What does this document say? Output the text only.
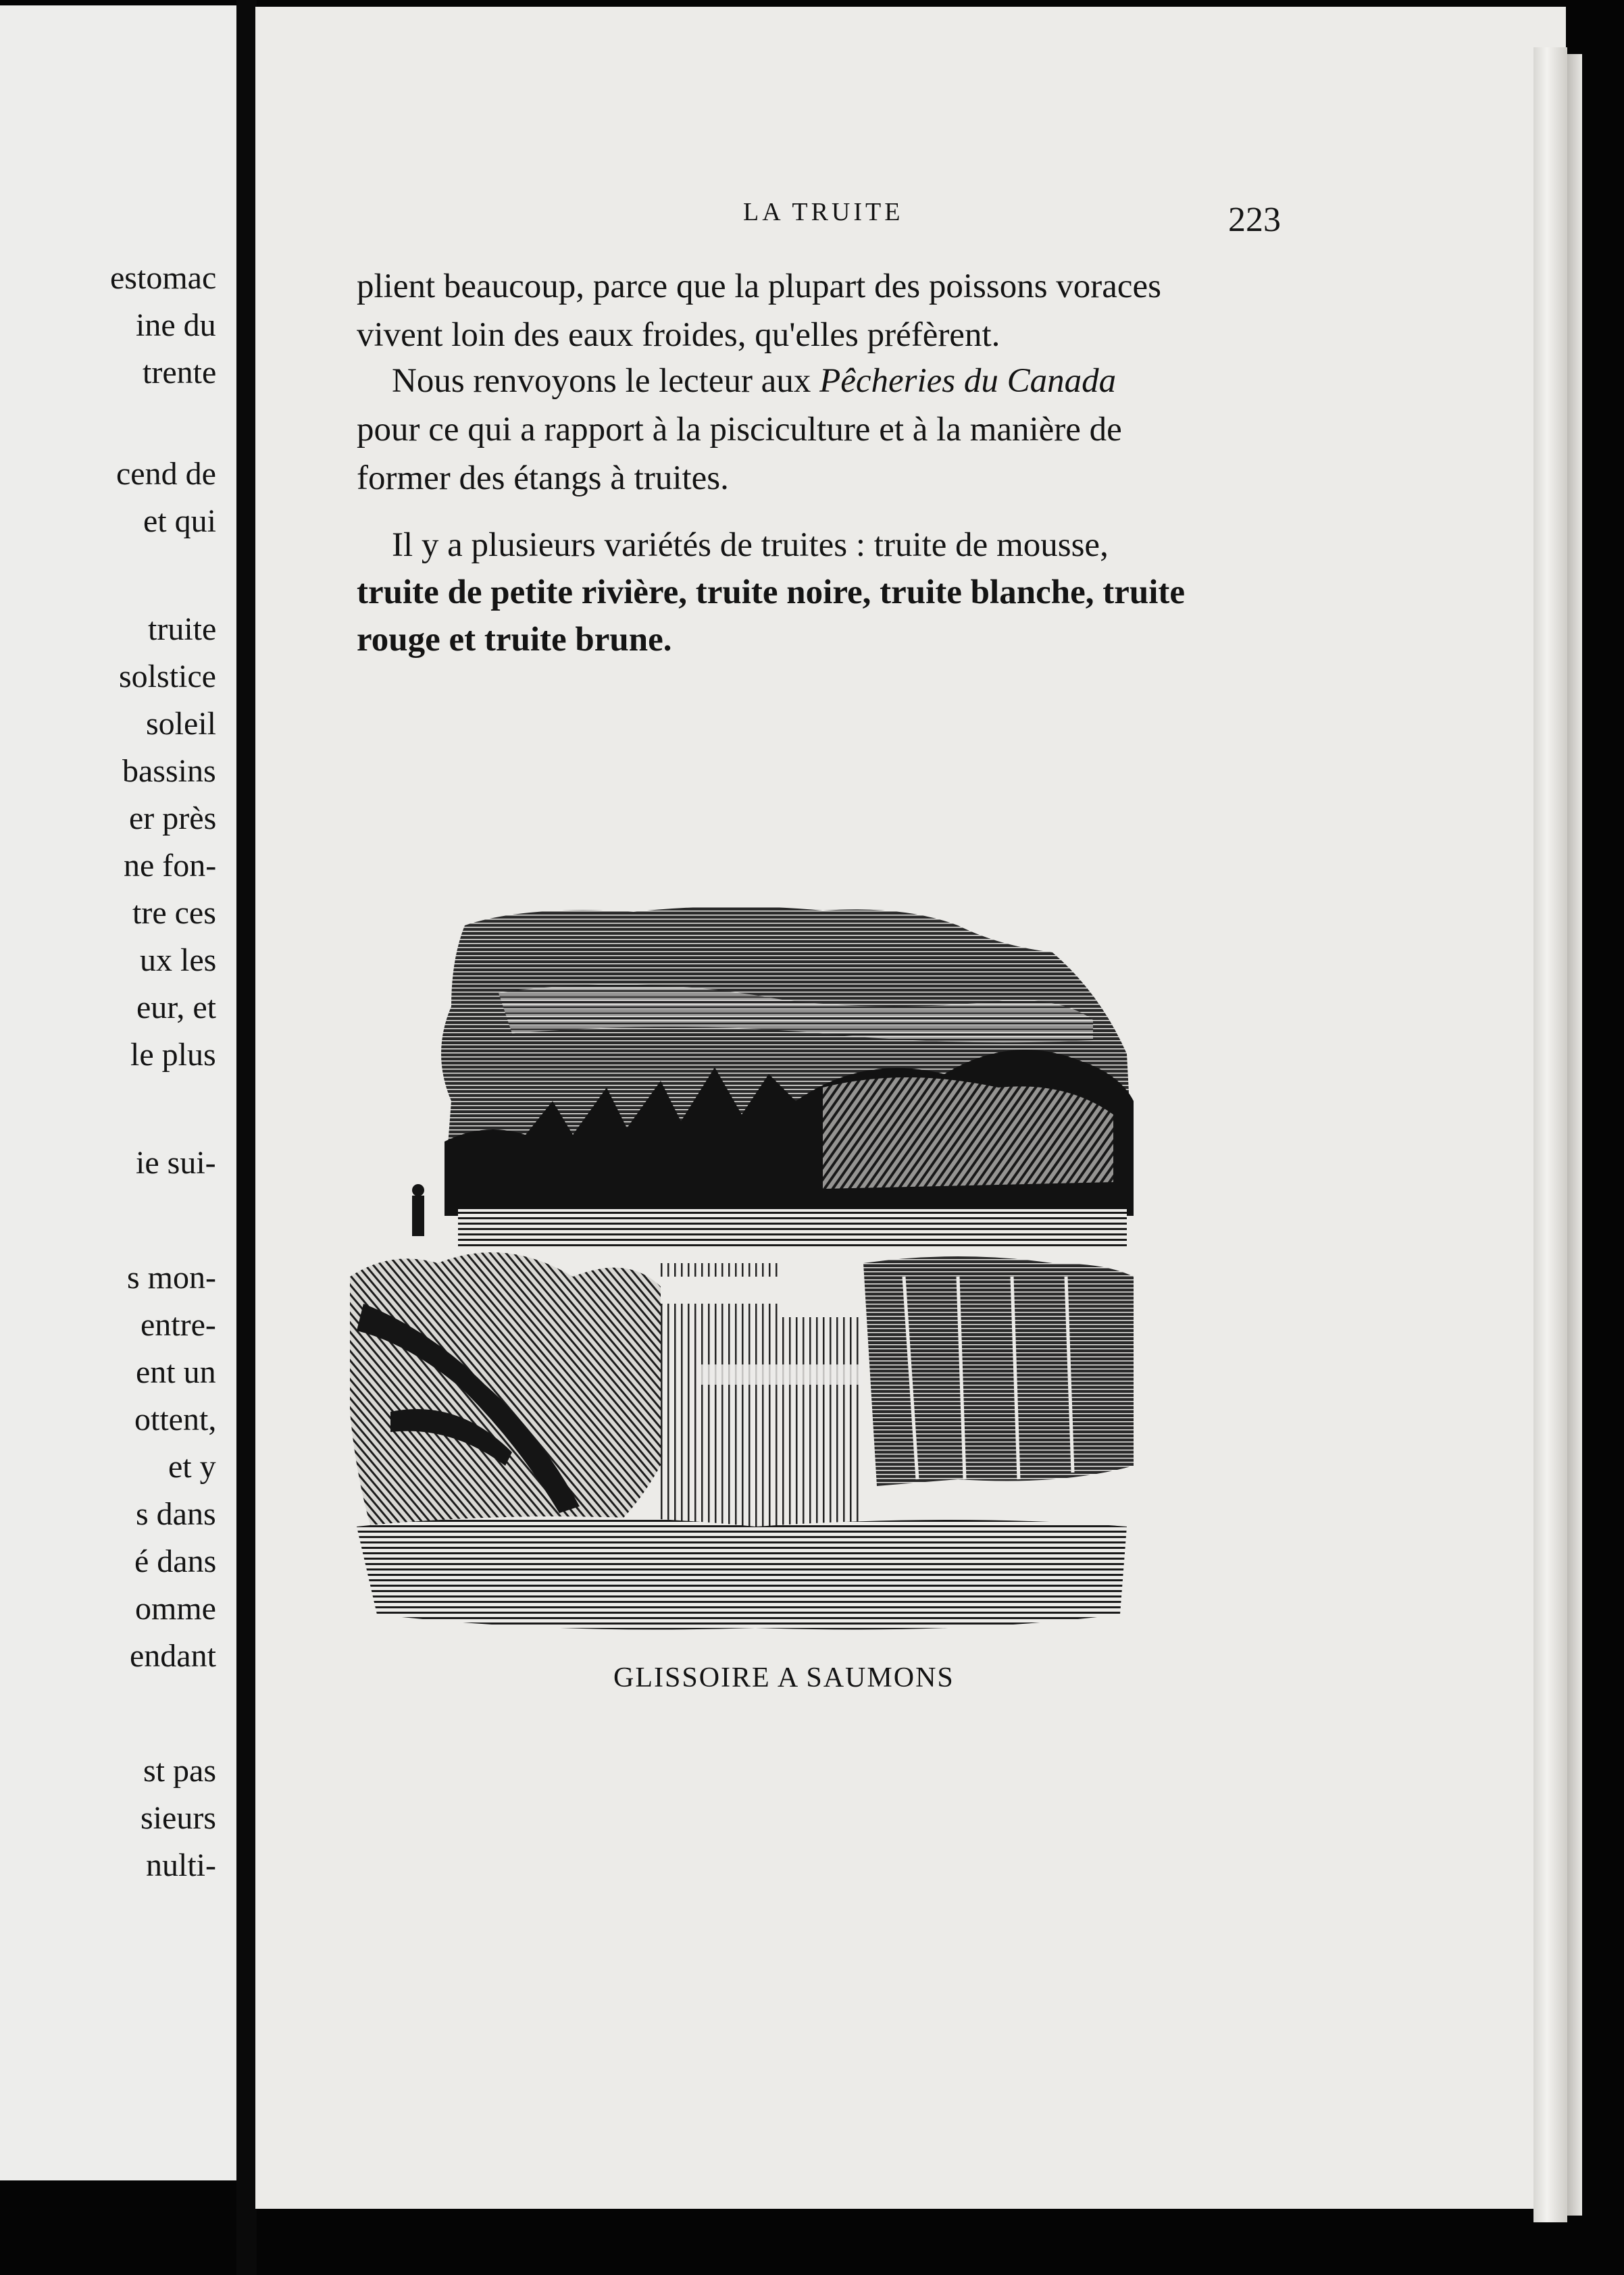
estomac
ine du
trente
cend de
et qui
truite
solstice
soleil
bassins
er près
ne fon-
tre ces
ux les
eur, et
le plus
ie sui-
s mon-
entre-
ent un
ottent,
et y
s dans
é dans
omme
endant
st pas
sieurs
nulti-
LA TRUITE	223
plient beaucoup, parce que la plupart des poissons voraces
vivent loin des eaux froides, qu'elles préfèrent.
Nous renvoyons le lecteur aux Pêcheries du Canada
pour ce qui a rapport à la pisciculture et à la manière de
former des étangs à truites.
Il y a plusieurs variétés de truites : truite de mousse,
truite de petite rivière, truite noire, truite blanche, truite
rouge et truite brune.
GLISSOIRE A SAUMONS
